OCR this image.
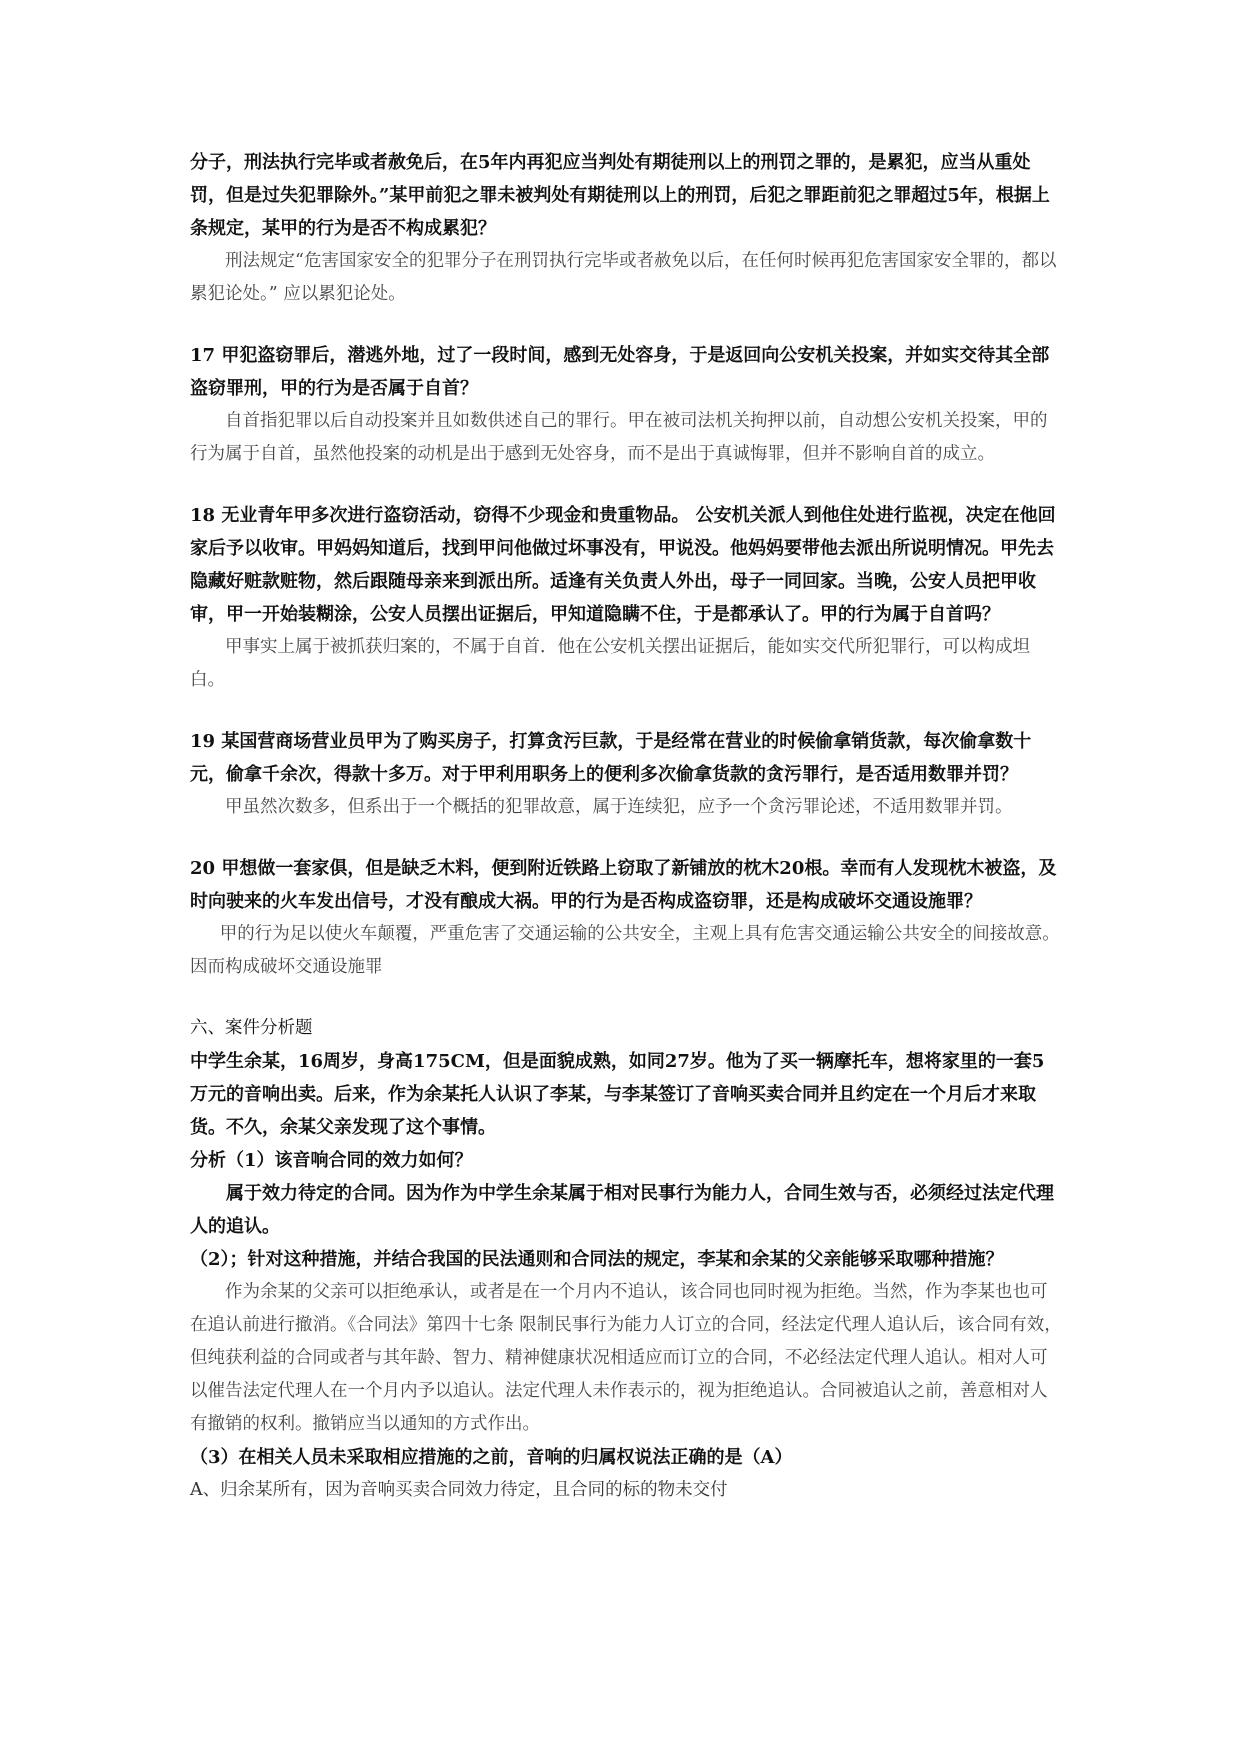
分子，刑法执行完毕或者赦免后，在5年内再犯应当判处有期徒刑以上的刑罚之罪的，是累犯，应当从重处罚，但是过失犯罪除外。”某甲前犯之罪未被判处有期徒刑以上的刑罚，后犯之罪距前犯之罪超过5年，根据上条规定，某甲的行为是否不构成累犯？

刑法规定“危害国家安全的犯罪分子在刑罚执行完毕或者赦免以后，在任何时候再犯危害国家安全罪的，都以累犯论处。” 应以累犯论处。

17 甲犯盗窃罪后，潜逃外地，过了一段时间，感到无处容身，于是返回向公安机关投案，并如实交待其全部盗窃罪刑，甲的行为是否属于自首？

自首指犯罪以后自动投案并且如数供述自己的罪行。甲在被司法机关拘押以前，自动想公安机关投案，甲的行为属于自首，虽然他投案的动机是出于感到无处容身，而不是出于真诚悔罪，但并不影响自首的成立。

18 无业青年甲多次进行盗窃活动，窃得不少现金和贵重物品。 公安机关派人到他住处进行监视，决定在他回家后予以收审。甲妈妈知道后，找到甲问他做过坏事没有，甲说没。他妈妈要带他去派出所说明情况。甲先去隐藏好赃款赃物，然后跟随母亲来到派出所。适逢有关负责人外出，母子一同回家。当晚，公安人员把甲收审，甲一开始装糊涂，公安人员摆出证据后，甲知道隐瞒不住，于是都承认了。甲的行为属于自首吗？

甲事实上属于被抓获归案的，不属于自首．他在公安机关摆出证据后，能如实交代所犯罪行，可以构成坦白。

19 某国营商场营业员甲为了购买房子，打算贪污巨款，于是经常在营业的时候偷拿销货款，每次偷拿数十元，偷拿千余次，得款十多万。对于甲利用职务上的便利多次偷拿货款的贪污罪行，是否适用数罪并罚？

甲虽然次数多，但系出于一个概括的犯罪故意，属于连续犯，应予一个贪污罪论述，不适用数罪并罚。

20 甲想做一套家俱，但是缺乏木料，便到附近铁路上窃取了新铺放的枕木20根。幸而有人发现枕木被盗，及时向驶来的火车发出信号，才没有酿成大祸。甲的行为是否构成盗窃罪，还是构成破坏交通设施罪？

甲的行为足以使火车颠覆，严重危害了交通运输的公共安全，主观上具有危害交通运输公共安全的间接故意。因而构成破坏交通设施罪

六、案件分析题

中学生余某，16周岁，身高175CM，但是面貌成熟，如同27岁。他为了买一辆摩托车，想将家里的一套5万元的音响出卖。后来，作为余某托人认识了李某，与李某签订了音响买卖合同并且约定在一个月后才来取货。不久，余某父亲发现了这个事情。

分析（1）该音响合同的效力如何？

属于效力待定的合同。因为作为中学生余某属于相对民事行为能力人，合同生效与否，必须经过法定代理人的追认。

（2）；针对这种措施，并结合我国的民法通则和合同法的规定，李某和余某的父亲能够采取哪种措施？

作为余某的父亲可以拒绝承认，或者是在一个月内不追认，该合同也同时视为拒绝。当然，作为李某也也可在追认前进行撤消。《合同法》第四十七条 限制民事行为能力人订立的合同，经法定代理人追认后，该合同有效，但纯获利益的合同或者与其年龄、智力、精神健康状况相适应而订立的合同，不必经法定代理人追认。相对人可以催告法定代理人在一个月内予以追认。法定代理人未作表示的，视为拒绝追认。合同被追认之前，善意相对人有撤销的权利。撤销应当以通知的方式作出。

（3）在相关人员未采取相应措施的之前，音响的归属权说法正确的是（A）

A、归余某所有，因为音响买卖合同效力待定，且合同的标的物未交付
